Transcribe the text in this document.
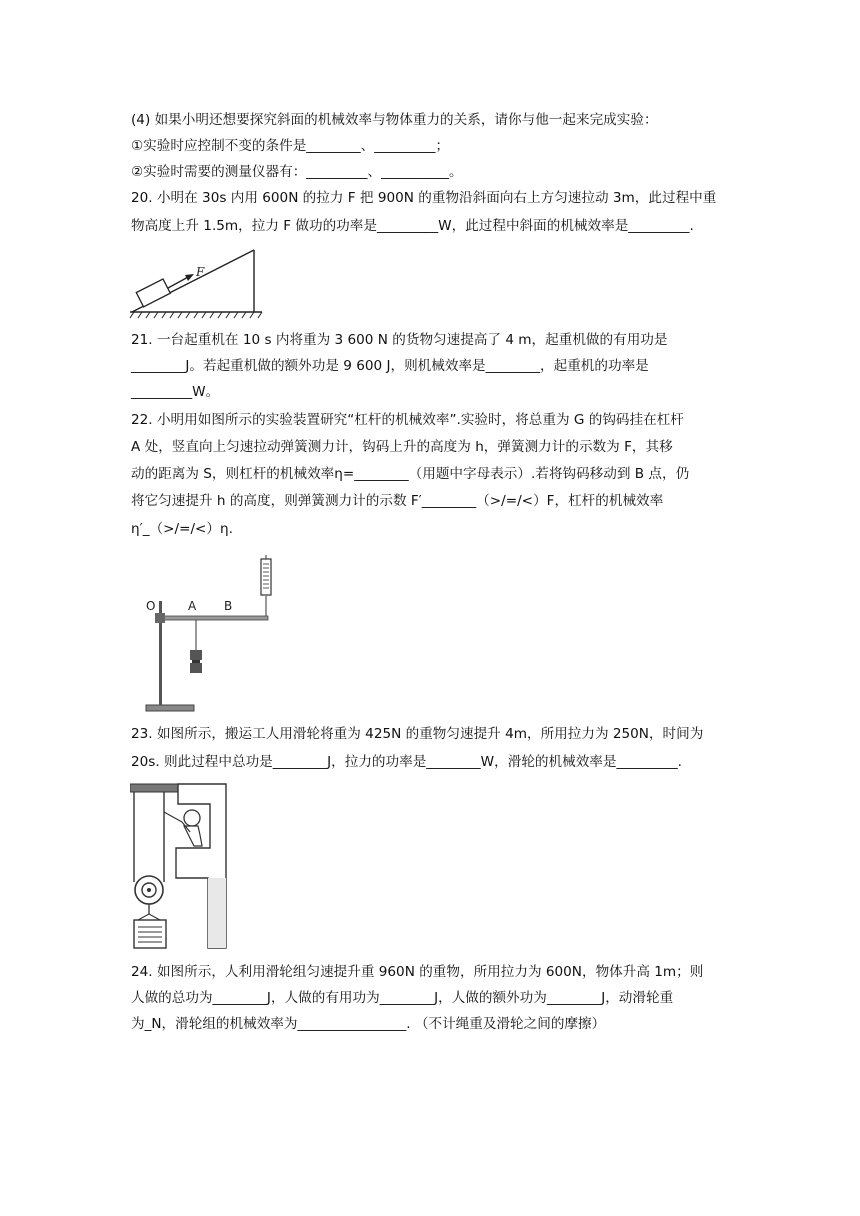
(4) 如果小明还想要探究斜面的机械效率与物体重力的关系，请你与他一起来完成实验：
①实验时应控制不变的条件是________、_________；
②实验时需要的测量仪器有：_________、__________。
20. 小明在 30s 内用 600N 的拉力 F 把 900N 的重物沿斜面向右上方匀速拉动 3m，此过程中重
物高度上升 1.5m，拉力 F 做功的功率是_________W，此过程中斜面的机械效率是_________.
F
21. 一台起重机在 10 s 内将重为 3 600 N 的货物匀速提高了 4 m，起重机做的有用功是
________J。若起重机做的额外功是 9 600 J，则机械效率是________，起重机的功率是
_________W。
22. 小明用如图所示的实验装置研究“杠杆的机械效率”.实验时，将总重为 G 的钩码挂在杠杆
A 处，竖直向上匀速拉动弹簧测力计，钩码上升的高度为 h，弹簧测力计的示数为 F，其移
动的距离为 S，则杠杆的机械效率η=________（用题中字母表示）.若将钩码移动到 B 点，仍
将它匀速提升 h 的高度，则弹簧测力计的示数 F′________（>/=/<）F，杠杆的机械效率
η′_（>/=/<）η.
O	A B
23. 如图所示，搬运工人用滑轮将重为 425N 的重物匀速提升 4m，所用拉力为 250N，时间为
20s. 则此过程中总功是________J，拉力的功率是________W，滑轮的机械效率是_________.
24. 如图所示，人利用滑轮组匀速提升重 960N 的重物，所用拉力为 600N，物体升高 1m；则
人做的总功为________J，人做的有用功为________J，人做的额外功为________J，动滑轮重
为_N，滑轮组的机械效率为________________. （不计绳重及滑轮之间的摩擦）
